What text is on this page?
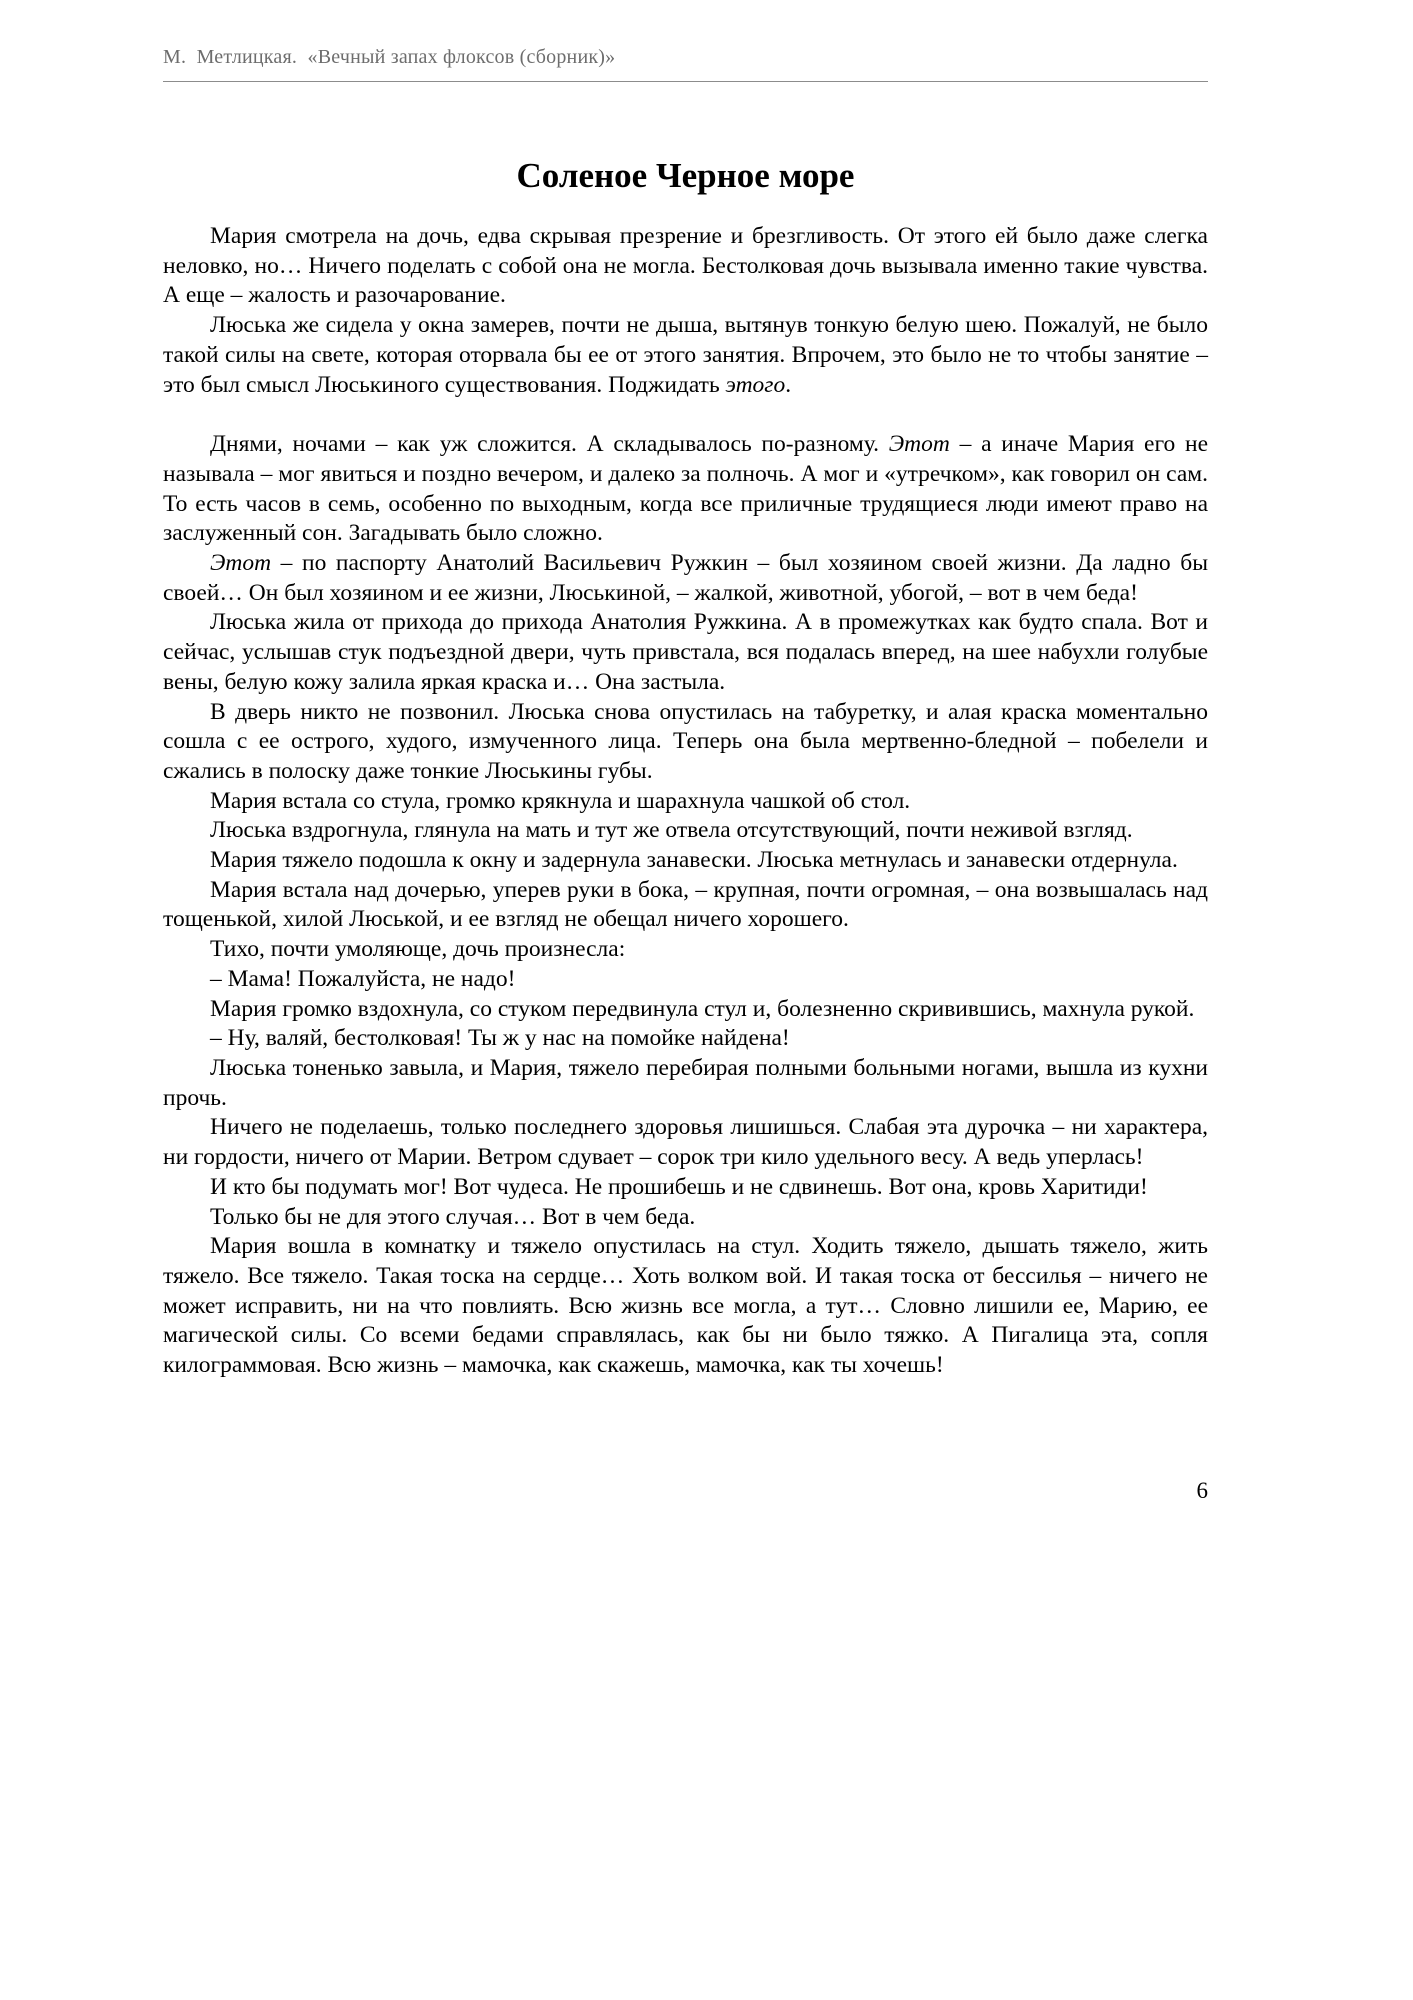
М.  Метлицкая.  «Вечный запах флоксов (сборник)»
Соленое Черное море

Мария смотрела на дочь, едва скрывая презрение и брезгливость. От этого ей было даже слегка неловко, но… Ничего поделать с собой она не могла. Бестолковая дочь вызывала именно такие чувства. А еще – жалость и разочарование.

Люська же сидела у окна замерев, почти не дыша, вытянув тонкую белую шею. Пожалуй, не было такой силы на свете, которая оторвала бы ее от этого занятия. Впрочем, это было не то чтобы занятие – это был смысл Люськиного существования. Поджидать этого.

Днями, ночами – как уж сложится. А складывалось по-разному. Этот – а иначе Мария его не называла – мог явиться и поздно вечером, и далеко за полночь. А мог и «утречком», как говорил он сам. То есть часов в семь, особенно по выходным, когда все приличные трудящиеся люди имеют право на заслуженный сон. Загадывать было сложно.

Этот – по паспорту Анатолий Васильевич Ружкин – был хозяином своей жизни. Да ладно бы своей… Он был хозяином и ее жизни, Люськиной, – жалкой, животной, убогой, – вот в чем беда!

Люська жила от прихода до прихода Анатолия Ружкина. А в промежутках как будто спала. Вот и сейчас, услышав стук подъездной двери, чуть привстала, вся подалась вперед, на шее набухли голубые вены, белую кожу залила яркая краска и… Она застыла.

В дверь никто не позвонил. Люська снова опустилась на табуретку, и алая краска моментально сошла с ее острого, худого, измученного лица. Теперь она была мертвенно-бледной – побелели и сжались в полоску даже тонкие Люськины губы.

Мария встала со стула, громко крякнула и шарахнула чашкой об стол.

Люська вздрогнула, глянула на мать и тут же отвела отсутствующий, почти неживой взгляд.

Мария тяжело подошла к окну и задернула занавески. Люська метнулась и занавески отдернула.

Мария встала над дочерью, уперев руки в бока, – крупная, почти огромная, – она возвышалась над тощенькой, хилой Люськой, и ее взгляд не обещал ничего хорошего.

Тихо, почти умоляюще, дочь произнесла:

– Мама! Пожалуйста, не надо!

Мария громко вздохнула, со стуком передвинула стул и, болезненно скривившись, махнула рукой.

– Ну, валяй, бестолковая! Ты ж у нас на помойке найдена!

Люська тоненько завыла, и Мария, тяжело перебирая полными больными ногами, вышла из кухни прочь.

Ничего не поделаешь, только последнего здоровья лишишься. Слабая эта дурочка – ни характера, ни гордости, ничего от Марии. Ветром сдувает – сорок три кило удельного весу. А ведь уперлась!

И кто бы подумать мог! Вот чудеса. Не прошибешь и не сдвинешь. Вот она, кровь Харитиди!

Только бы не для этого случая… Вот в чем беда.

Мария вошла в комнатку и тяжело опустилась на стул. Ходить тяжело, дышать тяжело, жить тяжело. Все тяжело. Такая тоска на сердце… Хоть волком вой. И такая тоска от бессилья – ничего не может исправить, ни на что повлиять. Всю жизнь все могла, а тут… Словно лишили ее, Марию, ее магической силы. Со всеми бедами справлялась, как бы ни было тяжко. А Пигалица эта, сопля килограммовая. Всю жизнь – мамочка, как скажешь, мамочка, как ты хочешь!

6
